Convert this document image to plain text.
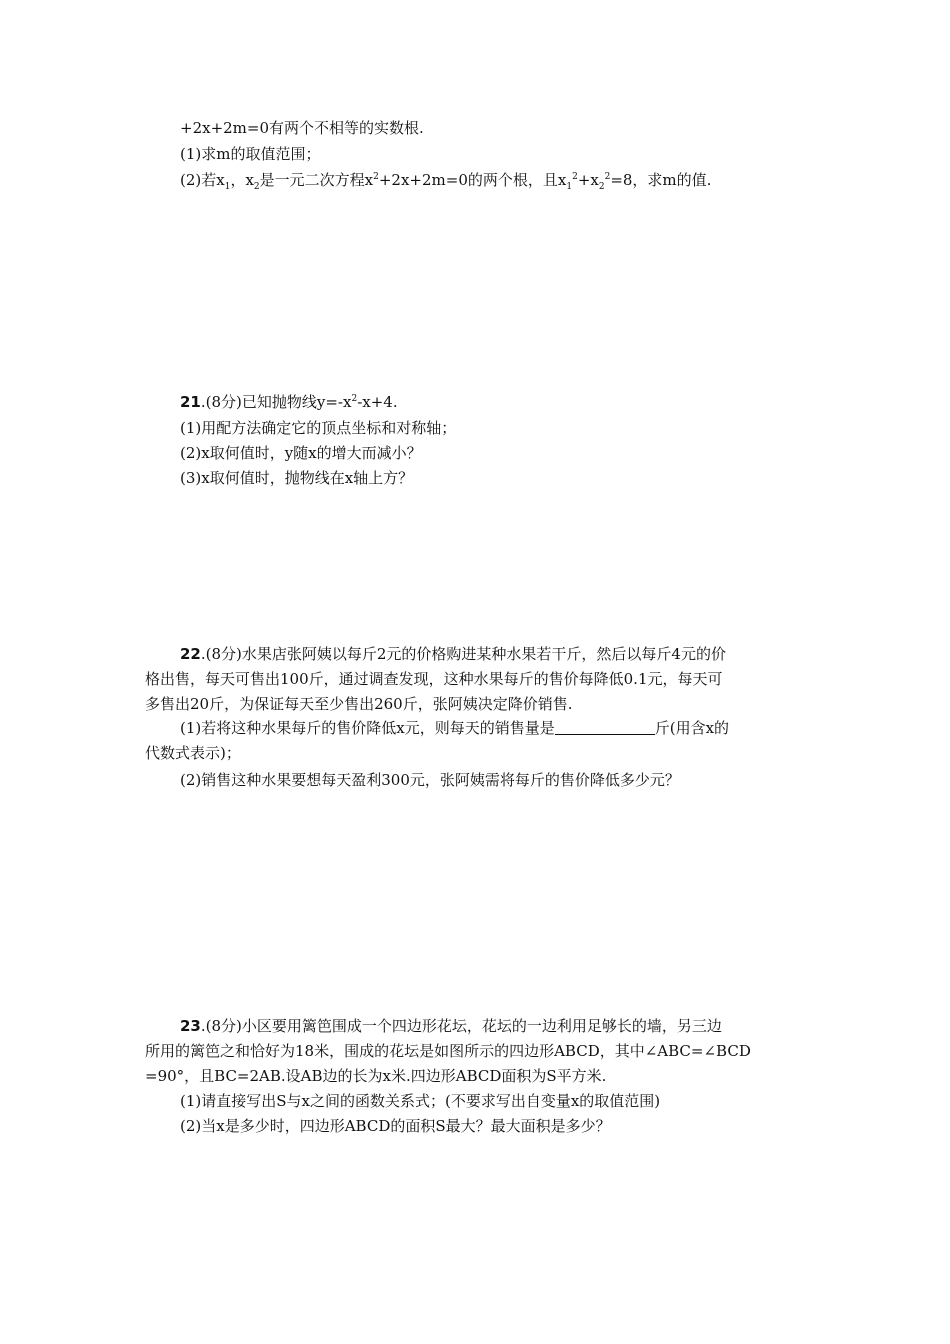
+2x+2m=0有两个不相等的实数根.
(1)求m的取值范围；
(2)若$x_1$，$x_2$是一元二次方程$x^2+2x+2m=0$的两个根，且$x_1^2+x_2^2=8$，求m的值.
21.(8分)已知抛物线$y=-x^2-x+4$.
(1)用配方法确定它的顶点坐标和对称轴；
(2)x取何值时，y随x的增大而减小？
(3)x取何值时，抛物线在x轴上方？
22.(8分)水果店张阿姨以每斤2元的价格购进某种水果若干斤，然后以每斤4元的价
格出售，每天可售出100斤，通过调查发现，这种水果每斤的售价每降低0.1元，每天可
多售出20斤，为保证每天至少售出260斤，张阿姨决定降价销售.
(1)若将这种水果每斤的售价降低x元，则每天的销售量是	斤(用含x的
代数式表示)；
(2)销售这种水果要想每天盈利300元，张阿姨需将每斤的售价降低多少元？
23.(8分)小区要用篱笆围成一个四边形花坛，花坛的一边利用足够长的墙，另三边
所用的篱笆之和恰好为18米，围成的花坛是如图所示的四边形ABCD，其中∠ABC=∠BCD
=90°，且BC=2AB.设AB边的长为x米.四边形ABCD面积为S平方米.
(1)请直接写出S与x之间的函数关系式；(不要求写出自变量x的取值范围)
(2)当x是多少时，四边形ABCD的面积S最大？最大面积是多少？
